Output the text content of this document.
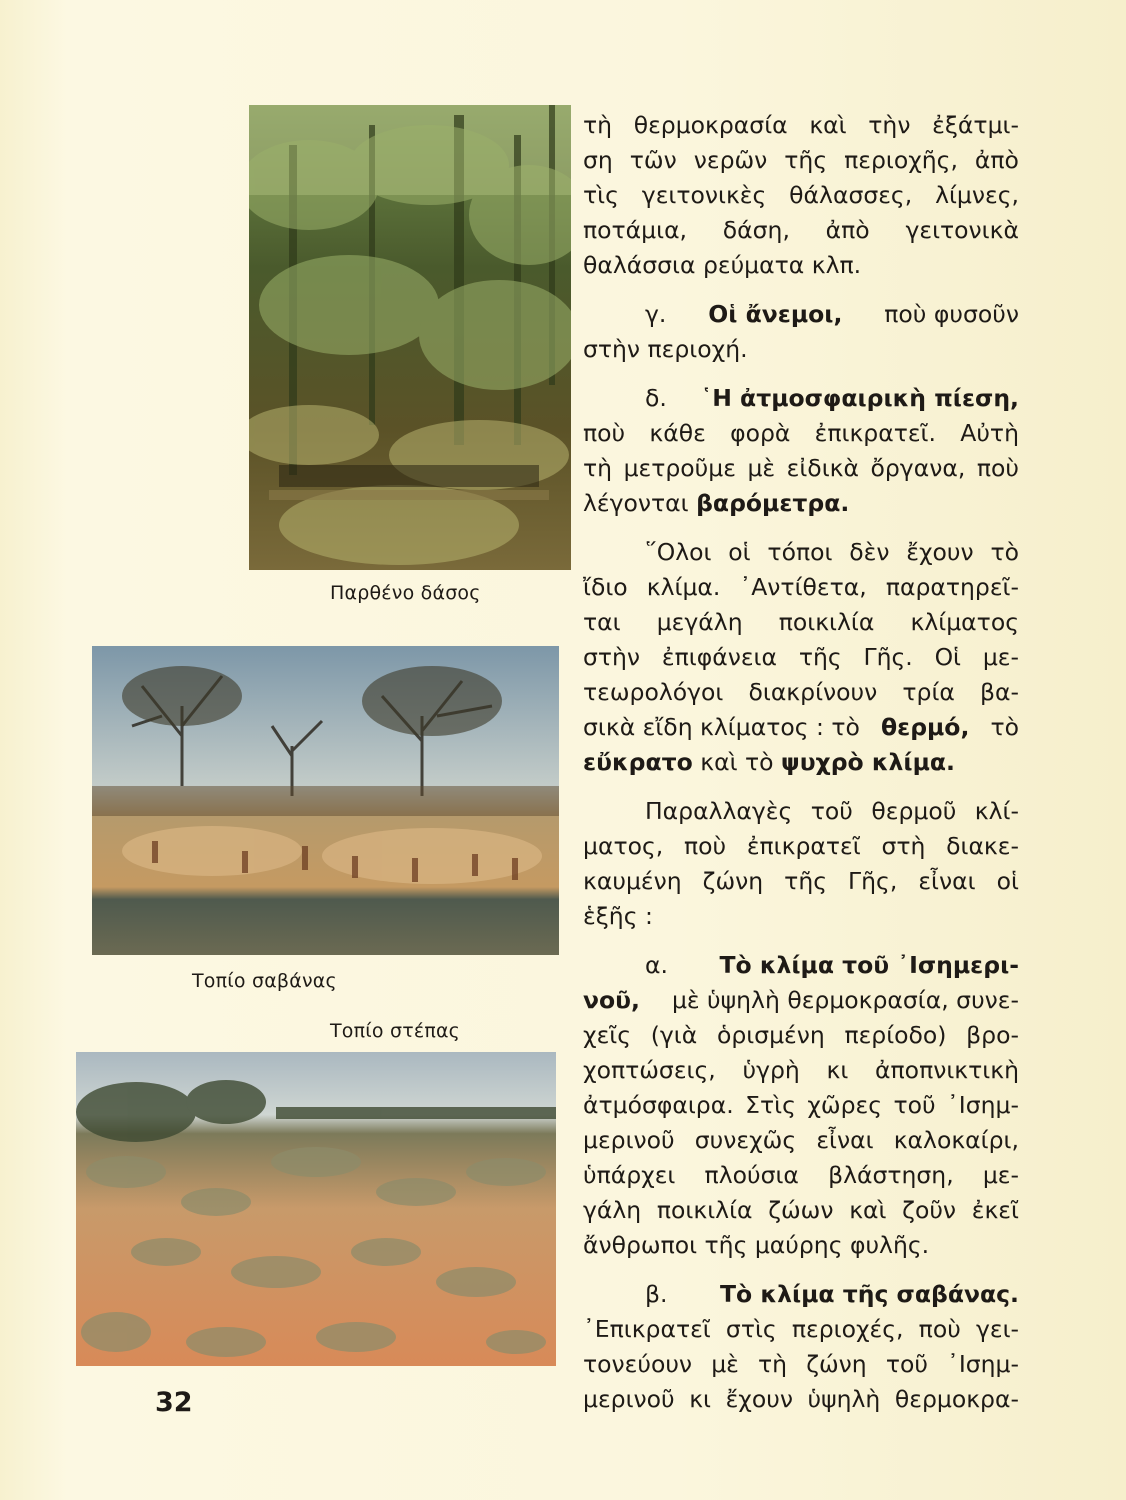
Παρθένο δάσος
Τοπίο σαβάνας
Τοπίο στέπας
τὴ θερμοκρασία καὶ τὴν ἐξάτμι-
ση τῶν νερῶν τῆς περιοχῆς, ἀπὸ
τὶς γειτονικὲς θάλασσες, λίμνες,
ποτάμια, δάση, ἀπὸ γειτονικὰ
θαλάσσια ρεύματα κλπ.
γ. Οἱ ἄνεμοι, ποὺ φυσοῦν
στὴν περιοχή.
δ. ῾Η ἀτμοσφαιρικὴ πίεση,
ποὺ κάθε φορὰ ἐπικρατεῖ. Αὐτὴ
τὴ μετροῦμε μὲ εἰδικὰ ὄργανα, ποὺ
λέγονται
βαρόμετρα.
῞Ολοι οἱ τόποι δὲν ἔχουν τὸ
ἴδιο κλίμα. ᾿Αντίθετα, παρατηρεῖ-
ται μεγάλη ποικιλία κλίματος
στὴν ἐπιφάνεια τῆς Γῆς. Οἱ με-
τεωρολόγοι διακρίνουν τρία βα-
σικὰ εἴδη κλίματος : τὸ θερμό, τὸ
εὔκρατο
καὶ τὸ
ψυχρὸ κλίμα.
Παραλλαγὲς τοῦ θερμοῦ κλί-
ματος, ποὺ ἐπικρατεῖ στὴ διακε-
καυμένη ζώνη τῆς Γῆς, εἶναι οἱ
ἑξῆς :
α. Τὸ κλίμα τοῦ ᾿Ισημερι-
νοῦ,
μὲ ὑψηλὴ θερμοκρασία, συνε-
χεῖς (γιὰ ὁρισμένη περίοδο) βρο-
χοπτώσεις, ὑγρὴ κι ἀποπνικτικὴ
ἀτμόσφαιρα. Στὶς χῶρες τοῦ ᾿Ισημ-
μερινοῦ συνεχῶς εἶναι καλοκαίρι,
ὑπάρχει πλούσια βλάστηση, με-
γάλη ποικιλία ζώων καὶ ζοῦν ἐκεῖ
ἄνθρωποι τῆς μαύρης φυλῆς.
β.
Τὸ κλίμα τῆς σαβάνας.
᾿Επικρατεῖ στὶς περιοχές, ποὺ γει-
τονεύουν μὲ τὴ ζώνη τοῦ ᾿Ισημ-
μερινοῦ κι ἔχουν ὑψηλὴ θερμοκρα-
32
